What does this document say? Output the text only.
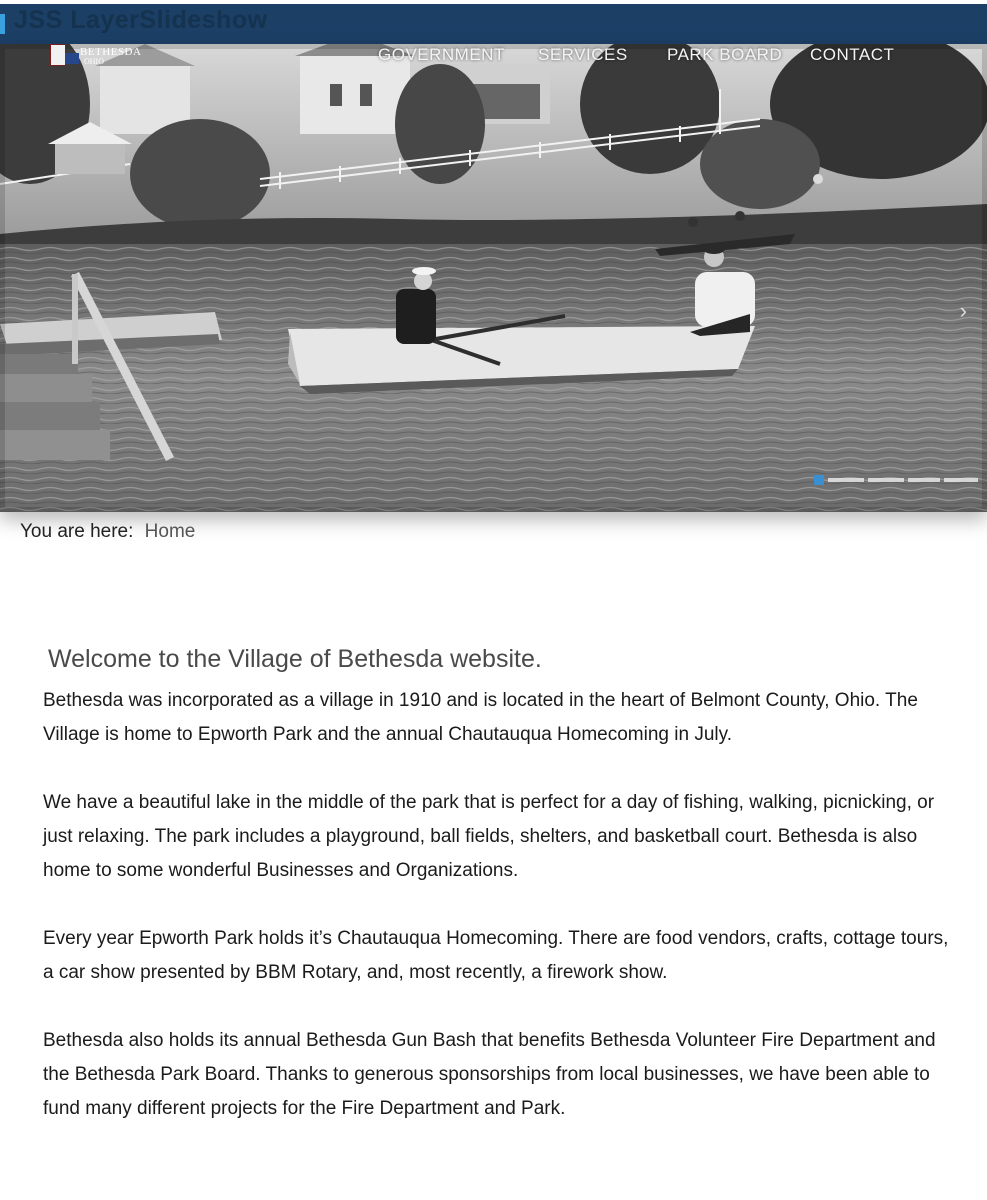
JSS LayerSlideshow
BETHESDA
OHIO	GOVERNMENT SERVICES PARK BOARD CONTACT
›
You are here: Home
Welcome to the Village of Bethesda website.

Bethesda was incorporated as a village in 1910 and is located in the heart of Belmont County, Ohio. The Village is home to Epworth Park and the annual Chautauqua Homecoming in July.

We have a beautiful lake in the middle of the park that is perfect for a day of fishing, walking, picnicking, or just relaxing. The park includes a playground, ball fields, shelters, and basketball court. Bethesda is also home to some wonderful Businesses and Organizations.

Every year Epworth Park holds it’s Chautauqua Homecoming. There are food vendors, crafts, cottage tours, a car show presented by BBM Rotary, and, most recently, a firework show.

Bethesda also holds its annual Bethesda Gun Bash that benefits Bethesda Volunteer Fire Department and the Bethesda Park Board. Thanks to generous sponsorships from local businesses, we have been able to fund many different projects for the Fire Department and Park.
